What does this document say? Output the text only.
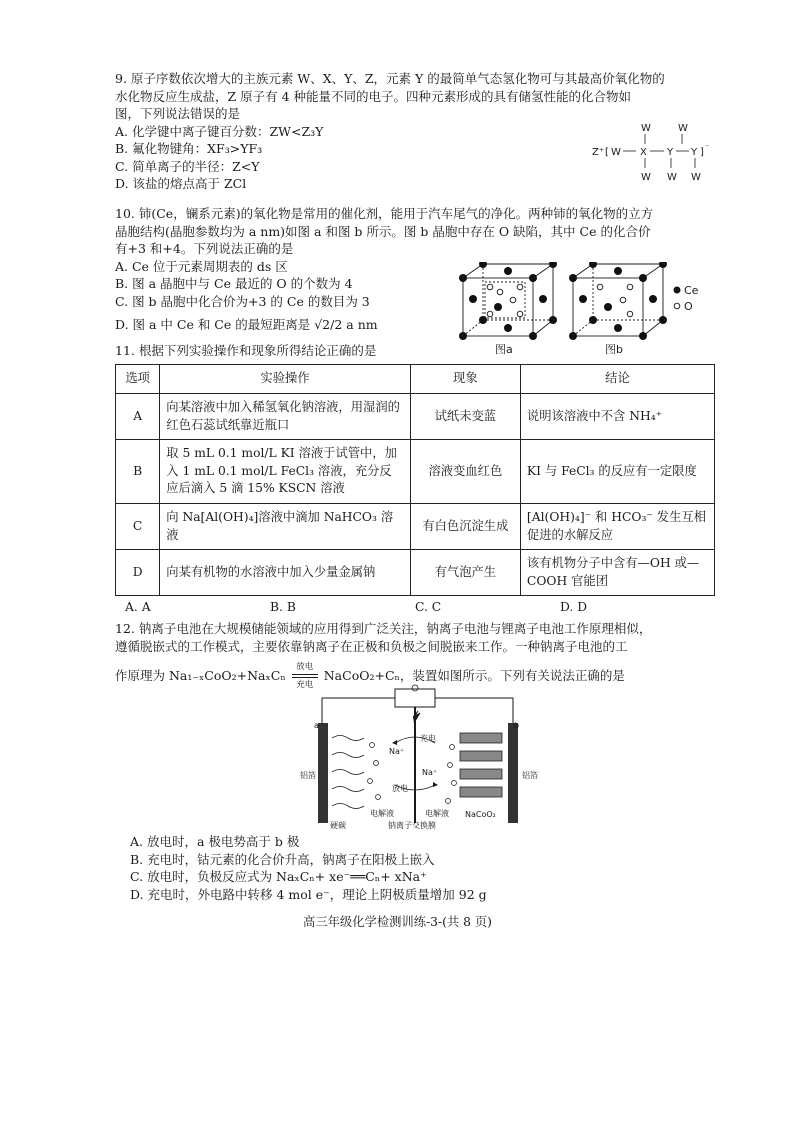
9. 原子序数依次增大的主族元素 W、X、Y、Z，元素 Y 的最简单气态氢化物可与其最高价氧化物的

水化物反应生成盐，Z 原子有 4 种能量不同的电子。四种元素形成的具有储氢性能的化合物如

图，下列说法错误的是

A. 化学键中离子键百分数：ZW<Z₃Y

B. 氟化物键角：XF₃>YF₃

C. 简单离子的半径：Z<Y

D. 该盐的熔点高于 ZCl

W	W
Z⁺ [ W X Y Y ]
⁻
W W W

10. 铈(Ce，镧系元素)的氧化物是常用的催化剂，能用于汽车尾气的净化。两种铈的氧化物的立方

晶胞结构(晶胞参数均为 a nm)如图 a 和图 b 所示。图 b 晶胞中存在 O 缺陷，其中 Ce 的化合价

有+3 和+4。下列说法正确的是

A. Ce 位于元素周期表的 ds 区

B. 图 a 晶胞中与 Ce 最近的 O 的个数为 4

C. 图 b 晶胞中化合价为+3 的 Ce 的数目为 3

D. 图 a 中 Ce 和 Ce 的最短距离是 √2/2 a nm

图a	图b
Ce
O
11. 根据下列实验操作和现象所得结论正确的是
选项	实验操作	现象	结论
A	向某溶液中加入稀氢氧化钠溶液，用湿润的红色石蕊试纸靠近瓶口	试纸未变蓝	说明该溶液中不含 NH₄⁺
B	取 5 mL 0.1 mol/L KI 溶液于试管中，加入 1 mL 0.1 mol/L FeCl₃ 溶液，充分反应后滴入 5 滴 15% KSCN 溶液	溶液变血红色	KI 与 FeCl₃ 的反应有一定限度
C	向 Na[Al(OH)₄]溶液中滴加 NaHCO₃ 溶液	有白色沉淀生成	[Al(OH)₄]⁻ 和 HCO₃⁻ 发生互相促进的水解反应
D	向某有机物的水溶液中加入少量金属钠	有气泡产生	该有机物分子中含有—OH 或—COOH 官能团
A. A	B. B	C. C	D. D

12. 钠离子电池在大规模储能领域的应用得到广泛关注，钠离子电池与锂离子电池工作原理相似，

遵循脱嵌式的工作模式，主要依靠钠离子在正极和负极之间脱嵌来工作。一种钠离子电池的工

作原理为 Na₁₋ₓCoO₂+NaₓCₙ 放电

充电 NaCoO₂+Cₙ，装置如图所示。下列有关说法正确的是

a	b
铝箔	铝箔
Na⁺
充电
Na⁺
放电
硬碳
电解液	电解液
钠离子交换膜
NaCoO₂

A. 放电时，a 极电势高于 b 极

B. 充电时，钴元素的化合价升高，钠离子在阳极上嵌入

C. 放电时，负极反应式为 NaₓCₙ+ xe⁻══Cₙ+ xNa⁺

D. 充电时，外电路中转移 4 mol e⁻，理论上阴极质量增加 92 g

高三年级化学检测训练-3-(共 8 页)
